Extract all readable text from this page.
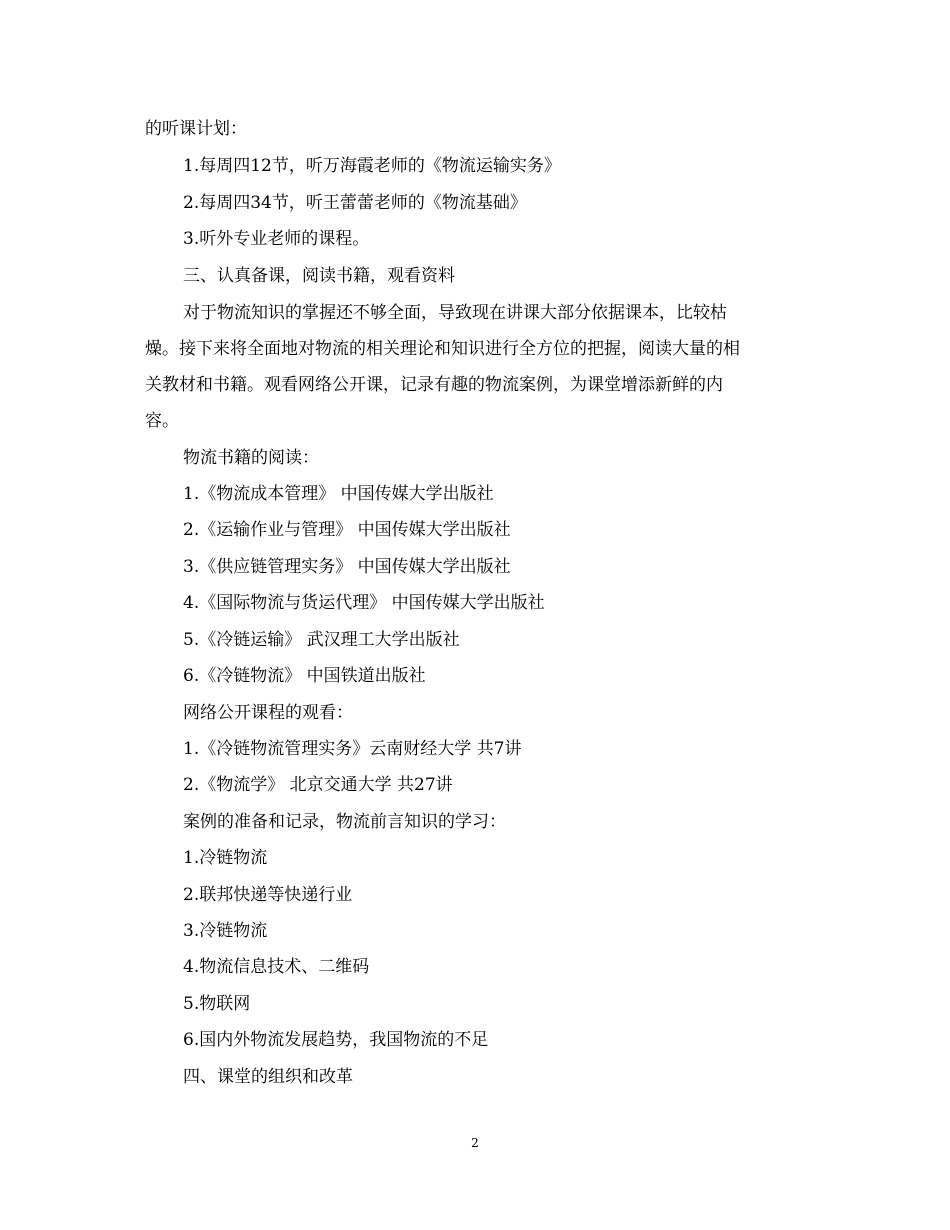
的听课计划：
1.每周四12节，听万海霞老师的《物流运输实务》
2.每周四34节，听王蕾蕾老师的《物流基础》
3.听外专业老师的课程。
三、认真备课，阅读书籍，观看资料
对于物流知识的掌握还不够全面，导致现在讲课大部分依据课本，比较枯
燥。接下来将全面地对物流的相关理论和知识进行全方位的把握，阅读大量的相
关教材和书籍。观看网络公开课，记录有趣的物流案例，为课堂增添新鲜的内
容。
物流书籍的阅读：
1.《物流成本管理》 中国传媒大学出版社
2.《运输作业与管理》 中国传媒大学出版社
3.《供应链管理实务》 中国传媒大学出版社
4.《国际物流与货运代理》 中国传媒大学出版社
5.《冷链运输》 武汉理工大学出版社
6.《冷链物流》 中国铁道出版社
网络公开课程的观看：
1.《冷链物流管理实务》云南财经大学 共7讲
2.《物流学》 北京交通大学 共27讲
案例的准备和记录，物流前言知识的学习：
1.冷链物流
2.联邦快递等快递行业
3.冷链物流
4.物流信息技术、二维码
5.物联网
6.国内外物流发展趋势，我国物流的不足
四、课堂的组织和改革
2
